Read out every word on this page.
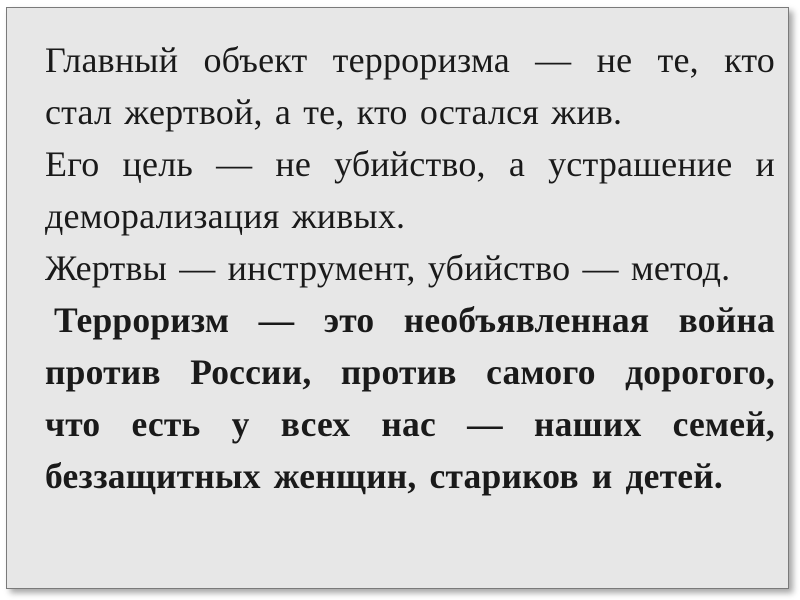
Главный объект терроризма — не те, кто стал жертвой, а те, кто остался жив.

Его цель — не убийство, а устрашение и деморализация живых.

Жертвы — инструмент, убийство — метод.

Терроризм — это необъявленная война против России, против самого дорогого, что есть у всех нас — наших семей, беззащитных женщин, стариков и детей.
